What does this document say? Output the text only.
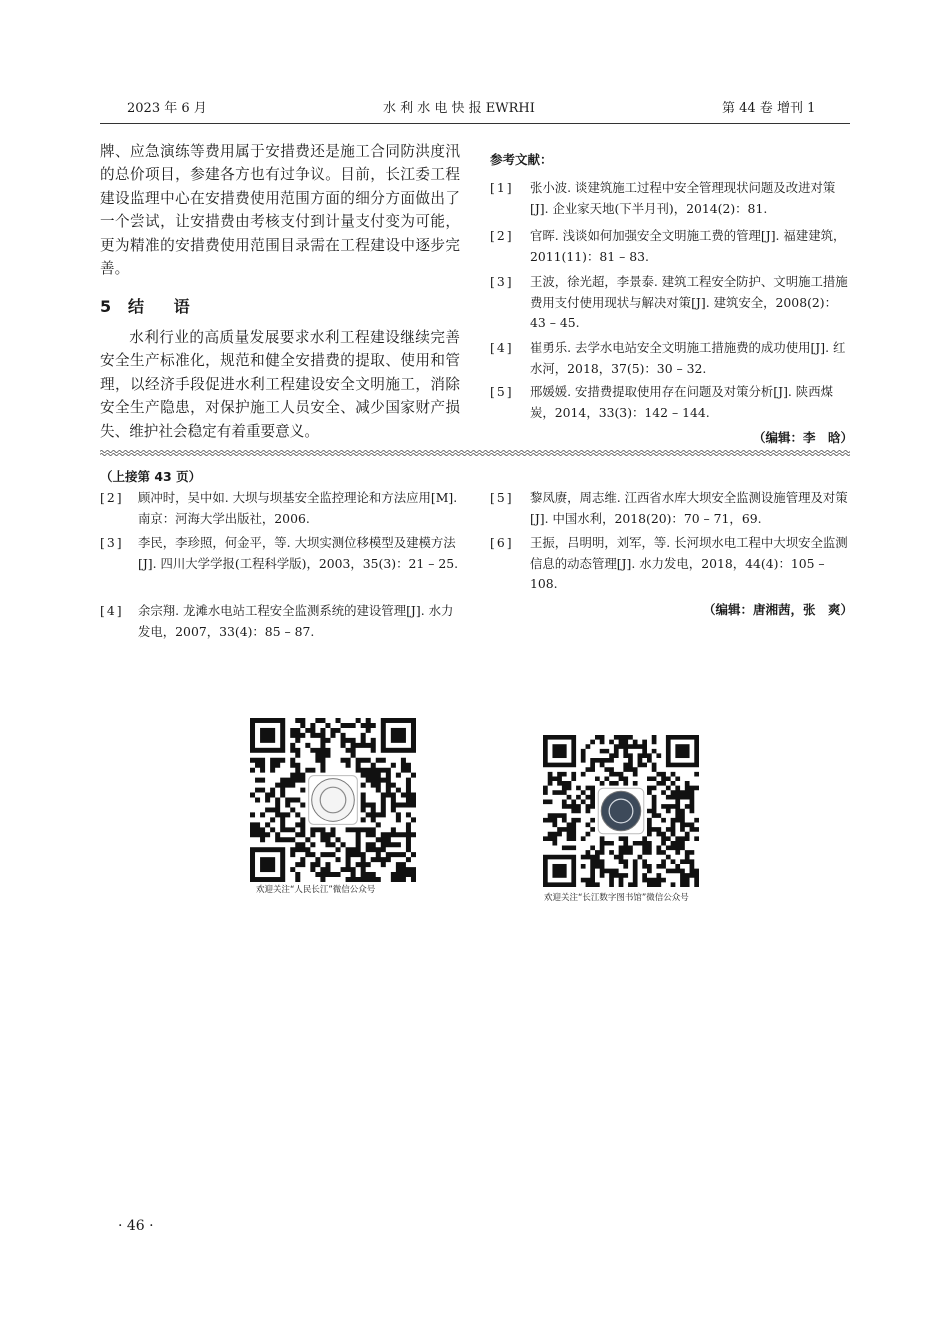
2023 年 6 月	水 利 水 电 快 报 EWRHI	第 44 卷 增刊 1

牌、应急演练等费用属于安措费还是施工合同防洪度汛的总价项目，参建各方也有过争议。目前，长江委工程建设监理中心在安措费使用范围方面的细分方面做出了一个尝试，让安措费由考核支付到计量支付变为可能，更为精准的安措费使用范围目录需在工程建设中逐步完善。

5 结 语

水利行业的高质量发展要求水利工程建设继续完善安全生产标准化，规范和健全安措费的提取、使用和管理，以经济手段促进水利工程建设安全文明施工，消除安全生产隐患，对保护施工人员安全、减少国家财产损失、维护社会稳定有着重要意义。

参考文献：
[1]	张小波. 谈建筑施工过程中安全管理现状问题及改进对策[J]. 企业家天地(下半月刊)，2014(2)：81.
[2]	官晖. 浅谈如何加强安全文明施工费的管理[J]. 福建建筑，2011(11)：81 – 83.
[3]	王波，徐光超，李景泰. 建筑工程安全防护、文明施工措施费用支付使用现状与解决对策[J]. 建筑安全，2008(2)：43 – 45.
[4]	崔勇乐. 去学水电站安全文明施工措施费的成功使用[J]. 红水河，2018，37(5)：30 – 32.
[5]	邢媛媛. 安措费提取使用存在问题及对策分析[J]. 陕西煤炭，2014，33(3)：142 – 144.
（编辑：李　晗）
（上接第 43 页）
[2]	顾冲时，吴中如. 大坝与坝基安全监控理论和方法应用[M]. 南京：河海大学出版社，2006.
[3]	李民，李珍照，何金平，等. 大坝实测位移模型及建模方法[J]. 四川大学学报(工程科学版)，2003，35(3)：21 – 25.
[4]	余宗翔. 龙滩水电站工程安全监测系统的建设管理[J]. 水力发电，2007，33(4)：85 – 87.
[5]	黎凤赓，周志维. 江西省水库大坝安全监测设施管理及对策[J]. 中国水利，2018(20)：70 – 71，69.
[6]	王振，吕明明，刘军，等. 长河坝水电工程中大坝安全监测信息的动态管理[J]. 水力发电，2018，44(4)：105 – 108.
（编辑：唐湘茜，张　爽）
欢迎关注“人民长江”微信公众号
欢迎关注“长江数字图书馆”微信公众号
· 46 ·
